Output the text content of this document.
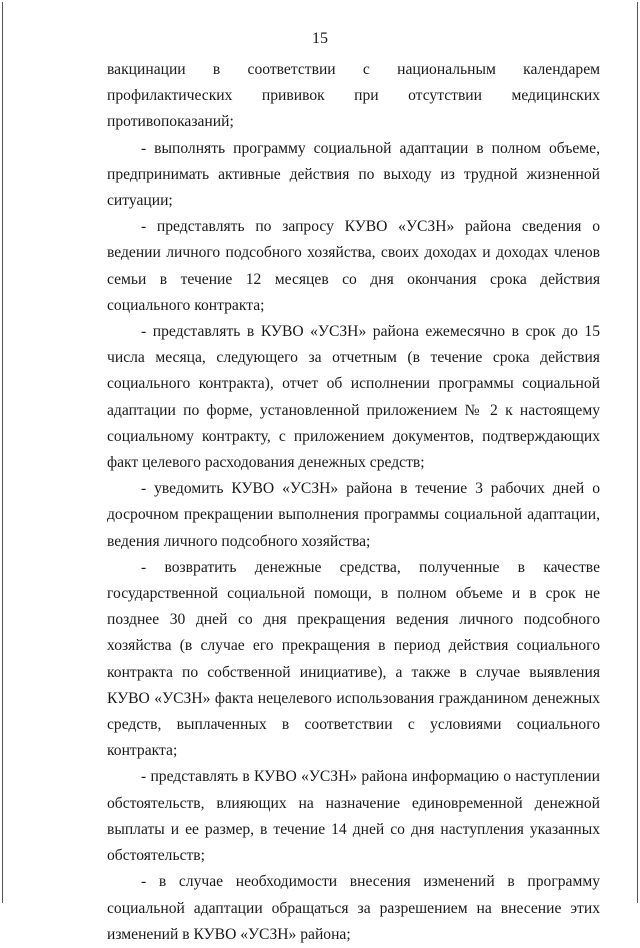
15

вакцинации в соответствии с национальным календарем профилактических прививок при отсутствии медицинских противопоказаний;

- выполнять программу социальной адаптации в полном объеме, предпринимать активные действия по выходу из трудной жизненной ситуации;

- представлять по запросу КУВО «УСЗН» района сведения о ведении личного подсобного хозяйства, своих доходах и доходах членов семьи в течение 12 месяцев со дня окончания срока действия социального контракта;

- представлять в КУВО «УСЗН» района ежемесячно в срок до 15 числа месяца, следующего за отчетным (в течение срока действия социального контракта), отчет об исполнении программы социальной адаптации по форме, установленной приложением № 2 к настоящему социальному контракту, с приложением документов, подтверждающих факт целевого расходования денежных средств;

- уведомить КУВО «УСЗН» района в течение 3 рабочих дней о досрочном прекращении выполнения программы социальной адаптации, ведения личного подсобного хозяйства;

- возвратить денежные средства, полученные в качестве государственной социальной помощи, в полном объеме и в срок не позднее 30 дней со дня прекращения ведения личного подсобного хозяйства (в случае его прекращения в период действия социального контракта по собственной инициативе), а также в случае выявления КУВО «УСЗН» факта нецелевого использования гражданином денежных средств, выплаченных в соответствии с условиями социального контракта;

- представлять в КУВО «УСЗН» района информацию о наступлении обстоятельств, влияющих на назначение единовременной денежной выплаты и ее размер, в течение 14 дней со дня наступления указанных обстоятельств;

- в случае необходимости внесения изменений в программу социальной адаптации обращаться за разрешением на внесение этих изменений в КУВО «УСЗН» района;
